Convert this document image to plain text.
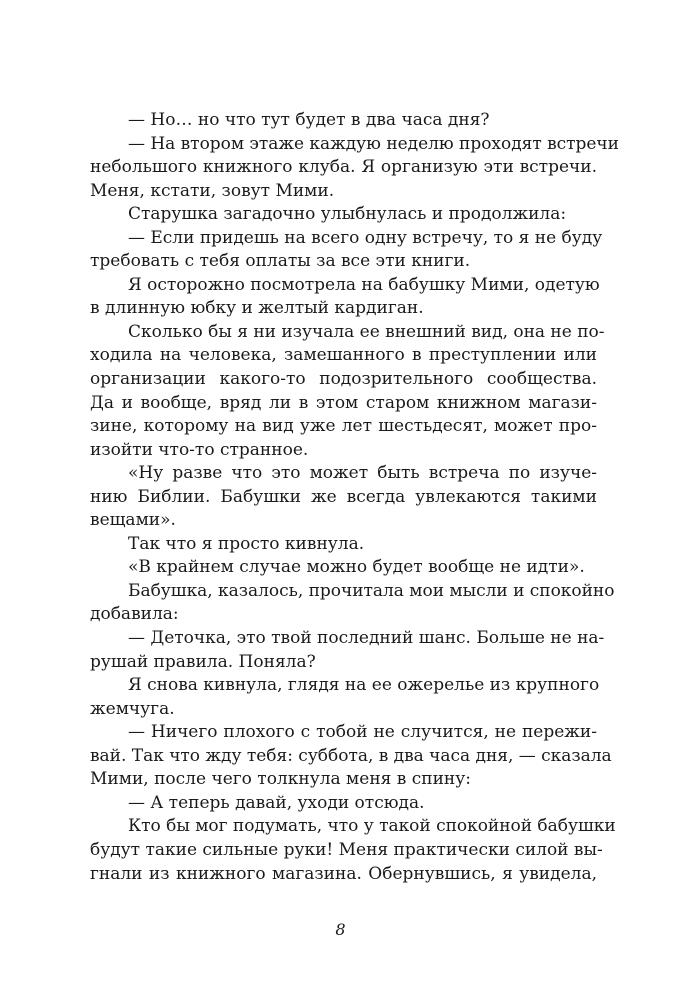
— Но… но что тут будет в два часа дня?
— На втором этаже каждую неделю проходят встречи
небольшого книжного клуба. Я организую эти встречи.
Меня, кстати, зовут Мими.
Старушка загадочно улыбнулась и продолжила:
— Если придешь на всего одну встречу, то я не буду
требовать с тебя оплаты за все эти книги.
Я осторожно посмотрела на бабушку Мими, одетую
в длинную юбку и желтый кардиган.
Сколько бы я ни изучала ее внешний вид, она не по-
ходила на человека, замешанного в преступлении или
организации какого-то подозрительного сообщества.
Да и вообще, вряд ли в этом старом книжном магази-
зине, которому на вид уже лет шестьдесят, может про-
изойти что-то странное.
«Ну разве что это может быть встреча по изуче-
нию Библии. Бабушки же всегда увлекаются такими
вещами».
Так что я просто кивнула.
«В крайнем случае можно будет вообще не идти».
Бабушка, казалось, прочитала мои мысли и спокойно
добавила:
— Деточка, это твой последний шанс. Больше не на-
рушай правила. Поняла?
Я снова кивнула, глядя на ее ожерелье из крупного
жемчуга.
— Ничего плохого с тобой не случится, не пережи-
вай. Так что жду тебя: суббота, в два часа дня, — сказала
Мими, после чего толкнула меня в спину:
— А теперь давай, уходи отсюда.
Кто бы мог подумать, что у такой спокойной бабушки
будут такие сильные руки! Меня практически силой вы-
гнали из книжного магазина. Обернувшись, я увидела,
8
